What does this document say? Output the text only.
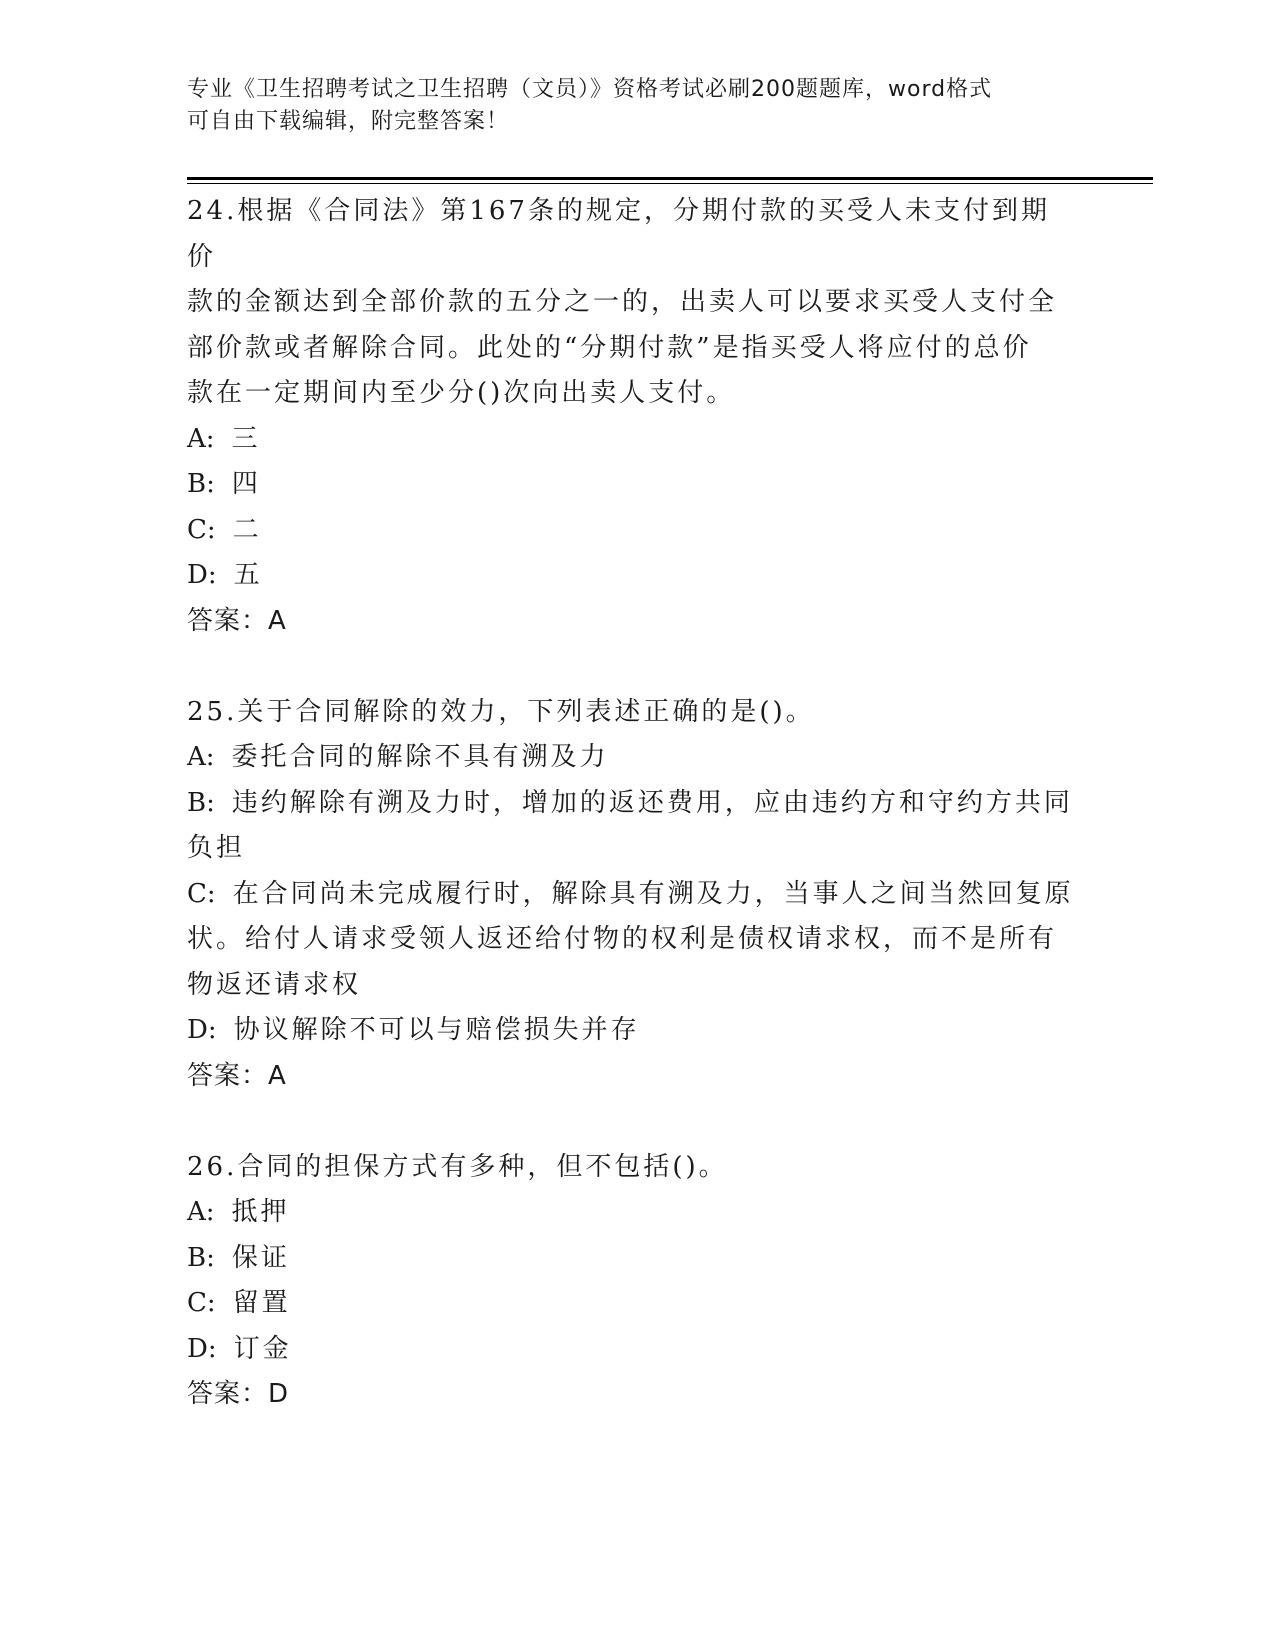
专业《卫生招聘考试之卫生招聘（文员）》资格考试必刷200题题库，word格式
可自由下载编辑，附完整答案！
24.根据《合同法》第167条的规定，分期付款的买受人未支付到期价
款的金额达到全部价款的五分之一的，出卖人可以要求买受人支付全
部价款或者解除合同。此处的“分期付款”是指买受人将应付的总价
款在一定期间内至少分()次向出卖人支付。
A: 三
B: 四
C: 二
D: 五
答案：A
25.关于合同解除的效力，下列表述正确的是()。
A: 委托合同的解除不具有溯及力
B: 违约解除有溯及力时，增加的返还费用，应由违约方和守约方共同
负担
C: 在合同尚未完成履行时，解除具有溯及力，当事人之间当然回复原
状。给付人请求受领人返还给付物的权利是债权请求权，而不是所有
物返还请求权
D: 协议解除不可以与赔偿损失并存
答案：A
26.合同的担保方式有多种，但不包括()。
A: 抵押
B: 保证
C: 留置
D: 订金
答案：D
